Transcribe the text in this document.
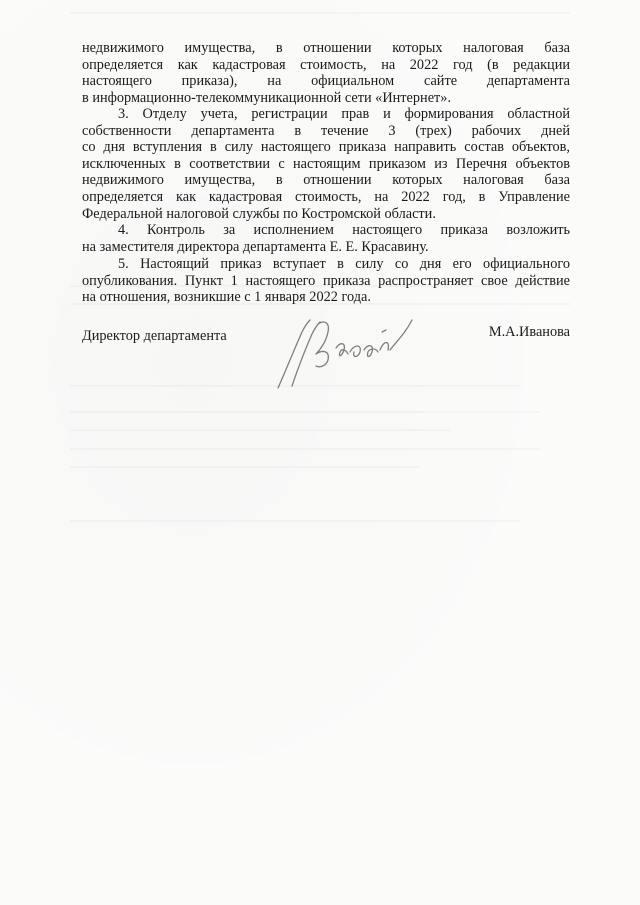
недвижимого имущества, в отношении которых налоговая база
определяется как кадастровая стоимость, на 2022 год (в редакции
настоящего приказа), на официальном сайте департамента
в информационно-телекоммуникационной сети «Интернет».
3. Отделу учета, регистрации прав и формирования областной
собственности департамента в течение 3 (трех) рабочих дней
со дня вступления в силу настоящего приказа направить состав объектов,
исключенных в соответствии с настоящим приказом из Перечня объектов
недвижимого имущества, в отношении которых налоговая база
определяется как кадастровая стоимость, на 2022 год, в Управление
Федеральной налоговой службы по Костромской области.
4. Контроль за исполнением настоящего приказа возложить
на заместителя директора департамента Е. Е. Красавину.
5. Настоящий приказ вступает в силу со дня его официального
опубликования. Пункт 1 настоящего приказа распространяет свое действие
на отношения, возникшие с 1 января 2022 года.
Директор департамента	М.А.Иванова
